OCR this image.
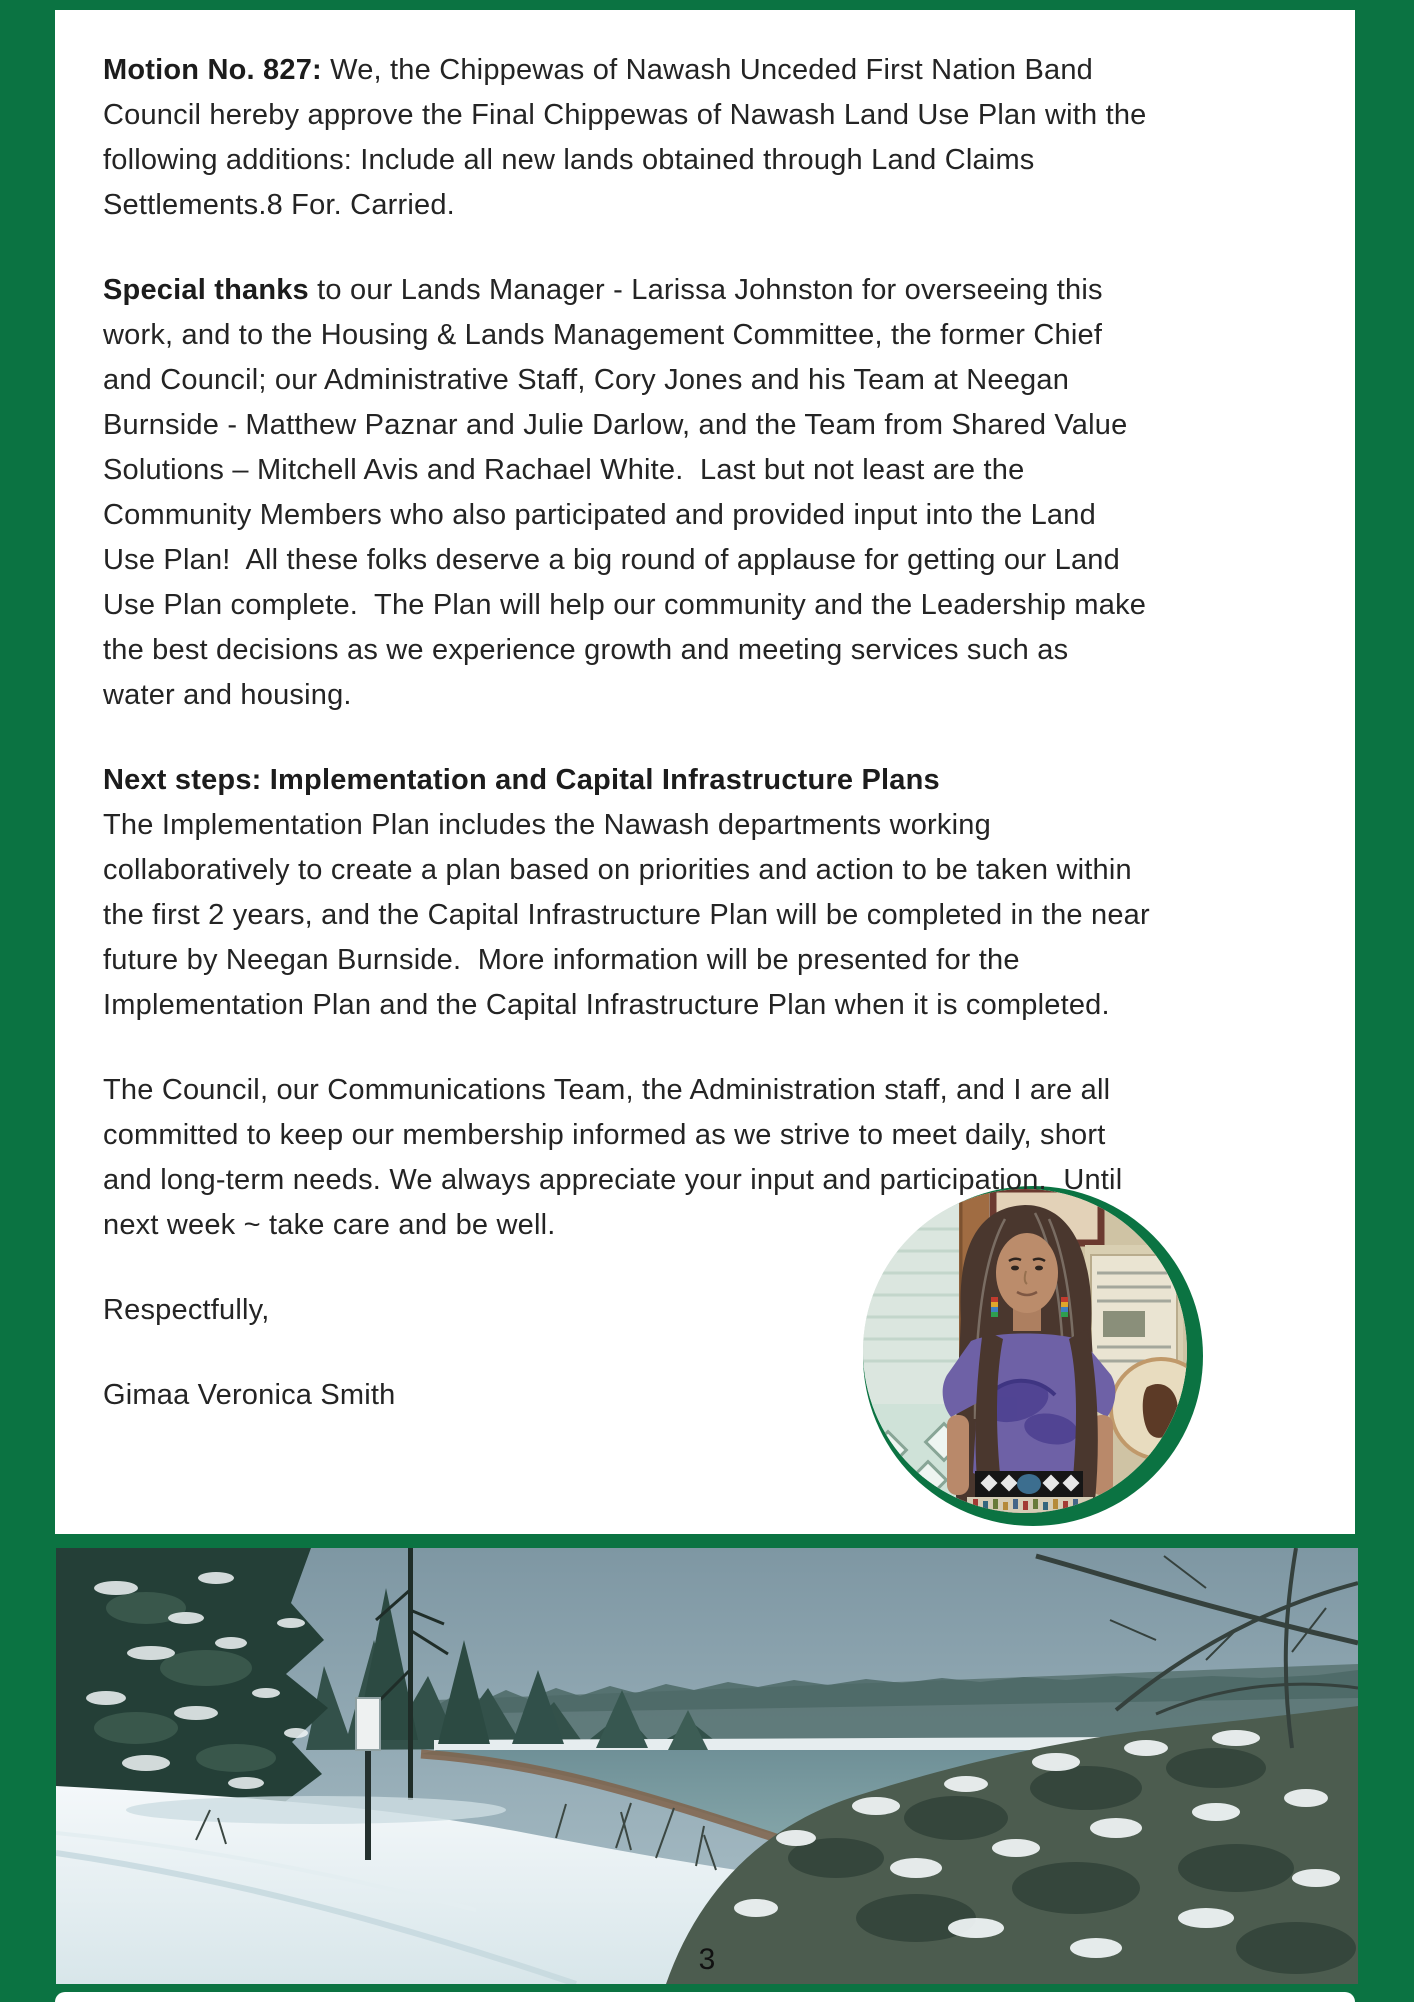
Motion No. 827: We, the Chippewas of Nawash Unceded First Nation Band
Council hereby approve the Final Chippewas of Nawash Land Use Plan with the
following additions: Include all new lands obtained through Land Claims
Settlements.8 For. Carried.
Special thanks to our Lands Manager - Larissa Johnston for overseeing this
work, and to the Housing & Lands Management Committee, the former Chief
and Council; our Administrative Staff, Cory Jones and his Team at Neegan
Burnside - Matthew Paznar and Julie Darlow, and the Team from Shared Value
Solutions – Mitchell Avis and Rachael White.  Last but not least are the
Community Members who also participated and provided input into the Land
Use Plan!  All these folks deserve a big round of applause for getting our Land
Use Plan complete.  The Plan will help our community and the Leadership make
the best decisions as we experience growth and meeting services such as
water and housing.
Next steps: Implementation and Capital Infrastructure Plans
The Implementation Plan includes the Nawash departments working
collaboratively to create a plan based on priorities and action to be taken within
the first 2 years, and the Capital Infrastructure Plan will be completed in the near
future by Neegan Burnside.  More information will be presented for the
Implementation Plan and the Capital Infrastructure Plan when it is completed.
The Council, our Communications Team, the Administration staff, and I are all
committed to keep our membership informed as we strive to meet daily, short
and long-term needs. We always appreciate your input and participation.  Until
next week ~ take care and be well.
Respectfully,
Gimaa Veronica Smith
3
